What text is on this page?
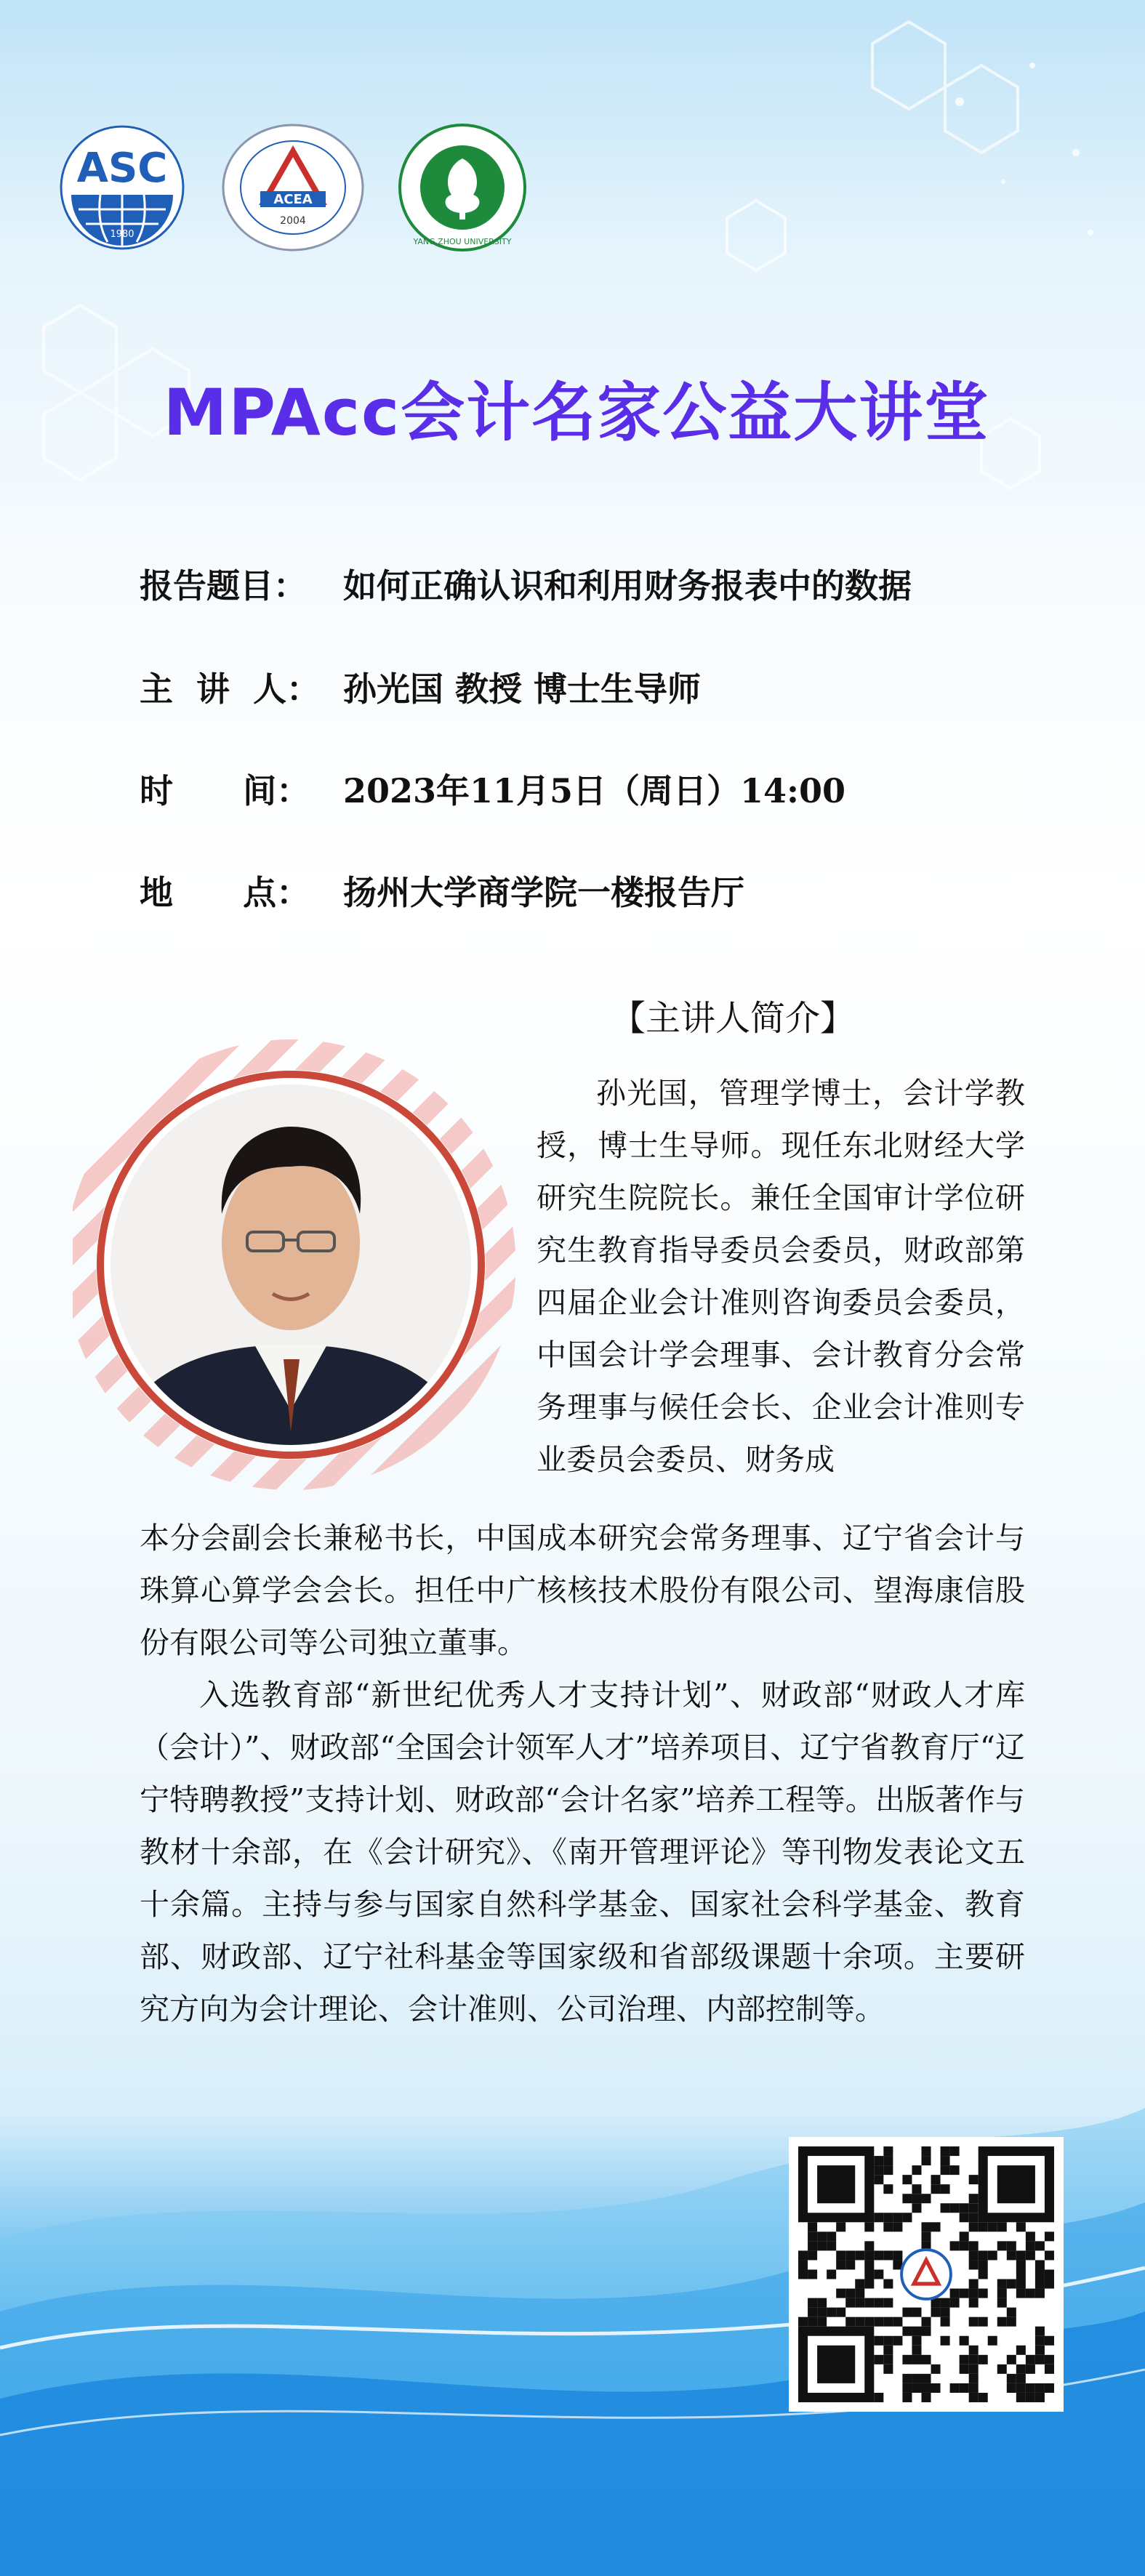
ASC
1980
ACEA
2004
YANG ZHOU UNIVERSITY
MPAcc会计名家公益大讲堂
报告题目： 如何正确认识和利用财务报表中的数据
主  讲  人： 孙光国 教授 博士生导师
时      间： 2023年11月5日（周日）14:00
地      点： 扬州大学商学院一楼报告厅
【主讲人简介】
孙光国，管理学博士，会计学教授，博士生导师。现任东北财经大学研究生院院长。兼任全国审计学位研究生教育指导委员会委员，财政部第四届企业会计准则咨询委员会委员，中国会计学会理事、会计教育分会常务理事与候任会长、企业会计准则专业委员会委员、财务成
本分会副会长兼秘书长，中国成本研究会常务理事、辽宁省会计与珠算心算学会会长。担任中广核核技术股份有限公司、望海康信股份有限公司等公司独立董事。
入选教育部“新世纪优秀人才支持计划”、财政部“财政人才库（会计）”、财政部“全国会计领军人才”培养项目、辽宁省教育厅“辽宁特聘教授”支持计划、财政部“会计名家”培养工程等。出版著作与教材十余部，在《会计研究》、《南开管理评论》等刊物发表论文五十余篇。主持与参与国家自然科学基金、国家社会科学基金、教育部、财政部、辽宁社科基金等国家级和省部级课题十余项。主要研究方向为会计理论、会计准则、公司治理、内部控制等。
